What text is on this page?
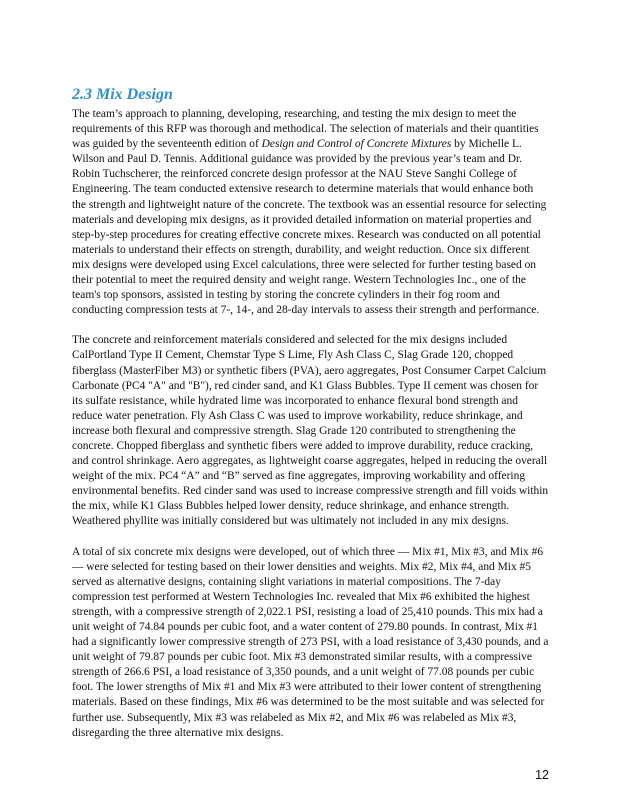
2.3 Mix Design

The team’s approach to planning, developing, researching, and testing the mix design to meet the requirements of this RFP was thorough and methodical. The selection of materials and their quantities was guided by the seventeenth edition of Design and Control of Concrete Mixtures by Michelle L. Wilson and Paul D. Tennis. Additional guidance was provided by the previous year’s team and Dr. Robin Tuchscherer, the reinforced concrete design professor at the NAU Steve Sanghi College of Engineering. The team conducted extensive research to determine materials that would enhance both the strength and lightweight nature of the concrete. The textbook was an essential resource for selecting materials and developing mix designs, as it provided detailed information on material properties and step-by-step procedures for creating effective concrete mixes. Research was conducted on all potential materials to understand their effects on strength, durability, and weight reduction. Once six different mix designs were developed using Excel calculations, three were selected for further testing based on their potential to meet the required density and weight range. Western Technologies Inc., one of the team's top sponsors, assisted in testing by storing the concrete cylinders in their fog room and conducting compression tests at 7-, 14-, and 28-day intervals to assess their strength and performance.

The concrete and reinforcement materials considered and selected for the mix designs included CalPortland Type II Cement, Chemstar Type S Lime, Fly Ash Class C, Slag Grade 120, chopped fiberglass (MasterFiber M3) or synthetic fibers (PVA), aero aggregates, Post Consumer Carpet Calcium Carbonate (PC4 "A" and "B"), red cinder sand, and K1 Glass Bubbles. Type II cement was chosen for its sulfate resistance, while hydrated lime was incorporated to enhance flexural bond strength and reduce water penetration. Fly Ash Class C was used to improve workability, reduce shrinkage, and increase both flexural and compressive strength. Slag Grade 120 contributed to strengthening the concrete. Chopped fiberglass and synthetic fibers were added to improve durability, reduce cracking, and control shrinkage. Aero aggregates, as lightweight coarse aggregates, helped in reducing the overall weight of the mix. PC4 “A” and “B” served as fine aggregates, improving workability and offering environmental benefits. Red cinder sand was used to increase compressive strength and fill voids within the mix, while K1 Glass Bubbles helped lower density, reduce shrinkage, and enhance strength. Weathered phyllite was initially considered but was ultimately not included in any mix designs.

A total of six concrete mix designs were developed, out of which three — Mix #1, Mix #3, and Mix #6 — were selected for testing based on their lower densities and weights. Mix #2, Mix #4, and Mix #5 served as alternative designs, containing slight variations in material compositions. The 7-day compression test performed at Western Technologies Inc. revealed that Mix #6 exhibited the highest strength, with a compressive strength of 2,022.1 PSI, resisting a load of 25,410 pounds. This mix had a unit weight of 74.84 pounds per cubic foot, and a water content of 279.80 pounds. In contrast, Mix #1 had a significantly lower compressive strength of 273 PSI, with a load resistance of 3,430 pounds, and a unit weight of 79.87 pounds per cubic foot. Mix #3 demonstrated similar results, with a compressive strength of 266.6 PSI, a load resistance of 3,350 pounds, and a unit weight of 77.08 pounds per cubic foot. The lower strengths of Mix #1 and Mix #3 were attributed to their lower content of strengthening materials. Based on these findings, Mix #6 was determined to be the most suitable and was selected for further use. Subsequently, Mix #3 was relabeled as Mix #2, and Mix #6 was relabeled as Mix #3, disregarding the three alternative mix designs.

12
